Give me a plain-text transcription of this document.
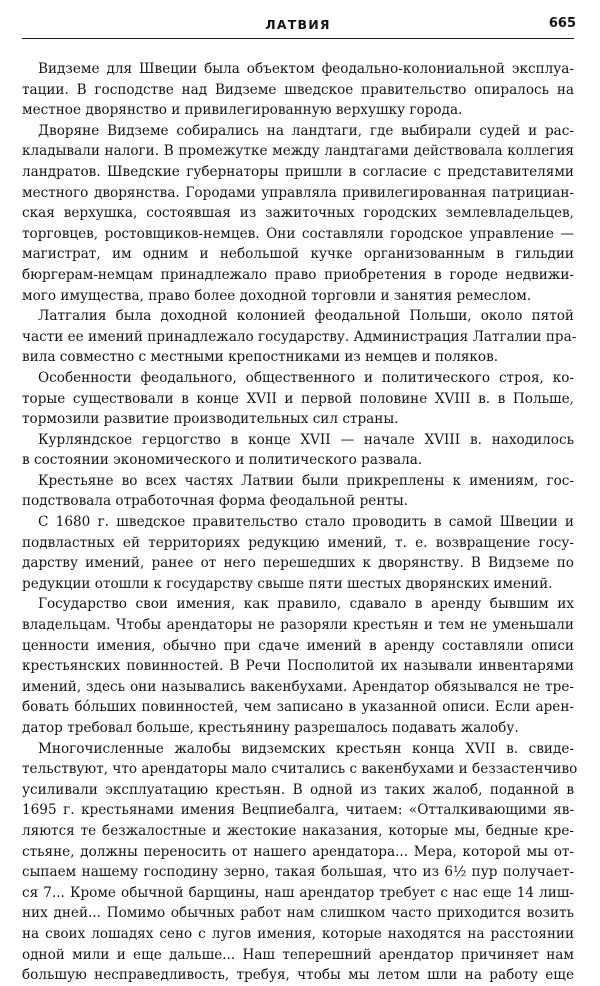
ЛАТВИЯ	665
Видземе для Швеции была объектом феодально-колониальной эксплуа-
тации. В господстве над Видземе шведское правительство опиралось на
местное дворянство и привилегированную верхушку города.
Дворяне Видземе собирались на ландтаги, где выбирали судей и рас-
кладывали налоги. В промежутке между ландтагами действовала коллегия
ландратов. Шведские губернаторы пришли в согласие с представителями
местного дворянства. Городами управляла привилегированная патрициан-
ская верхушка, состоявшая из зажиточных городских землевладельцев,
торговцев, ростовщиков-немцев. Они составляли городское управление —
магистрат, им одним и небольшой кучке организованным в гильдии
бюргерам-немцам принадлежало право приобретения в городе недвижи-
мого имущества, право более доходной торговли и занятия ремеслом.
Латгалия была доходной колонией феодальной Польши, около пятой
части ее имений принадлежало государству. Администрация Латгалии пра-
вила совместно с местными крепостниками из немцев и поляков.
Особенности феодального, общественного и политического строя, ко-
торые существовали в конце XVII и первой половине XVIII в. в Польше,
тормозили развитие производительных сил страны.
Курляндское герцогство в конце XVII — начале XVIII в. находилось
в состоянии экономического и политического развала.
Крестьяне во всех частях Латвии были прикреплены к имениям, гос-
подствовала отработочная форма феодальной ренты.
С 1680 г. шведское правительство стало проводить в самой Швеции и
подвластных ей территориях редукцию имений, т. е. возвращение госу-
дарству имений, ранее от него перешедших к дворянству. В Видземе по
редукции отошли к государству свыше пяти шестых дворянских имений.
Государство свои имения, как правило, сдавало в аренду бывшим их
владельцам. Чтобы арендаторы не разоряли крестьян и тем не уменьшали
ценности имения, обычно при сдаче имений в аренду составляли описи
крестьянских повинностей. В Речи Посполитой их называли инвентарями
имений, здесь они назывались вакенбухами. Арендатор обязывался не тре-
бовать бóльших повинностей, чем записано в указанной описи. Если арен-
датор требовал больше, крестьянину разрешалось подавать жалобу.
Многочисленные жалобы видземских крестьян конца XVII в. свиде-
тельствуют, что арендаторы мало считались с вакенбухами и беззастенчиво
усиливали эксплуатацию крестьян. В одной из таких жалоб, поданной в
1695 г. крестьянами имения Вецпиебалга, читаем: «Отталкивающими яв-
ляются те безжалостные и жестокие наказания, которые мы, бедные кре-
стьяне, должны переносить от нашего арендатора... Мера, которой мы от-
сыпаем нашему господину зерно, такая большая, что из 6½ пур получает-
ся 7... Кроме обычной барщины, наш арендатор требует с нас еще 14 лиш-
них дней... Помимо обычных работ нам слишком часто приходится возить
на своих лошадях сено с лугов имения, которые находятся на расстоянии
одной мили и еще дальше... Наш теперешний арендатор причиняет нам
большую несправедливость, требуя, чтобы мы летом шли на работу еще
